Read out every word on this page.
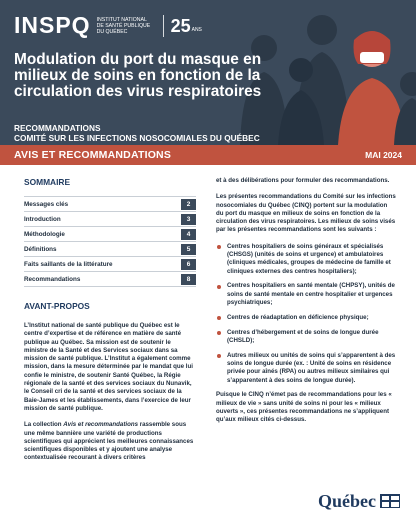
INSPQ INSTITUT NATIONAL
DE SANTÉ PUBLIQUE
DU QUÉBEC	25 ANS
Modulation du port du masque en milieux de soins en fonction de la circulation des virus respiratoires
RECOMMANDATIONS
COMITÉ SUR LES INFECTIONS NOSOCOMIALES DU QUÉBEC
AVIS ET RECOMMANDATIONS	MAI 2024
SOMMAIRE
Messages clés	2
Introduction	3
Méthodologie	4
Définitions	5
Faits saillants de la littérature	6
Recommandations	8
AVANT-PROPOS

L’Institut national de santé publique du Québec est le centre d’expertise et de référence en matière de santé publique au Québec. Sa mission est de soutenir le ministre de la Santé et des Services sociaux dans sa mission de santé publique. L’Institut a également comme mission, dans la mesure déterminée par le mandat que lui confie le ministre, de soutenir Santé Québec, la Régie régionale de la santé et des services sociaux du Nunavik, le Conseil cri de la santé et des services sociaux de la Baie-James et les établissements, dans l’exercice de leur mission de santé publique.

La collection Avis et recommandations rassemble sous une même bannière une variété de productions scientifiques qui apprécient les meilleures connaissances scientifiques disponibles et y ajoutent une analyse contextualisée recourant à divers critères

et à des délibérations pour formuler des recommandations.

Les présentes recommandations du Comité sur les infections nosocomiales du Québec (CINQ) portent sur la modulation du port du masque en milieux de soins en fonction de la circulation des virus respiratoires. Les milieux de soins visés par les présentes recommandations sont les suivants :

Centres hospitaliers de soins généraux et spécialisés (CHSGS) (unités de soins et urgence) et ambulatoires (cliniques médicales, groupes de médecine de famille et cliniques externes des centres hospitaliers);
Centres hospitaliers en santé mentale (CHPSY), unités de soins de santé mentale en centre hospitalier et urgences psychiatriques;
Centres de réadaptation en déficience physique;
Centres d’hébergement et de soins de longue durée (CHSLD);
Autres milieux ou unités de soins qui s’apparentent à des soins de longue durée (ex. : Unité de soins en résidence privée pour aînés (RPA) ou autres milieux similaires qui s’apparentent à des soins de longue durée).

Puisque le CINQ n’émet pas de recommandations pour les « milieux de vie » sans unité de soins ni pour les « milieux ouverts », ces présentes recommandations ne s’appliquent qu’aux milieux cités ci-dessus.

Québec
